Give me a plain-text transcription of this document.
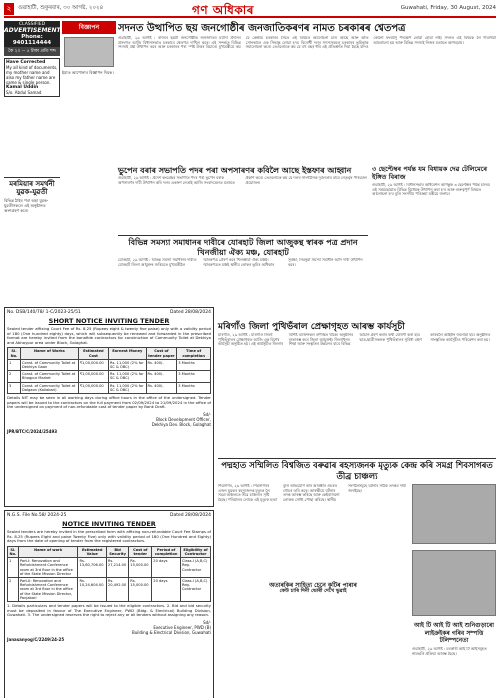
২	গুৱাহাটী, শুকুৰবাৰ, ৩০ আগষ্ট, ২০২৪	গণ অধিকাৰ	Guwahati, Friday, 30 August, 2024
CLASSIFIED
ADVERTISEMENT
Phone: 9401114444
কৈ ২০ -- ৫ টাকা প্ৰতি শব্দ
Have Corrected
My all kind of documents, my mother name and also my father name are same & single person.
Kamal Uddin
S/o. Abdul Samad
বিজ্ঞাপন
ইয়াত আপোনাৰ বিজ্ঞাপন দিয়ক।
মৰমিয়াৰ সমৰ্থনী যুৱক-যুৱতী
বিভিন্ন ঠাইৰ পৰা অহা যুৱক-যুৱতীসকলে এই অনুষ্ঠানত অংশগ্ৰহণ কৰে।
সদনত উত্থাপিত ছয় জনগোষ্ঠীৰ জনজাতিকৰণৰ নামত চৰকাৰৰ শ্বেতপত্ৰ
গুৱাহাটী, ২৯ আগষ্ট : ৰাজ্যৰ ছয়টা জনগোষ্ঠীক জনজাতিৰ মৰ্যাদা প্ৰদানৰ প্ৰসংগত আজি বিধানসভাত চৰকাৰে শ্বেতপত্ৰ দাখিল কৰে। এই সন্দৰ্ভত বিভিন্ন সদস্যই প্ৰশ্ন উত্থাপন কৰে আৰু চৰকাৰৰ পৰা স্পষ্ট উত্তৰ বিচাৰে। মুখ্যমন্ত্ৰীয়ে কয় যে কেন্দ্ৰীয় চৰকাৰৰ সৈতে এই বিষয়ত আলোচনা চলি আছে আৰু অতি সোনকালে এক সিদ্ধান্ত লোৱা হ'ব। বিৰোধী দলৰ সদস্যসকলে চৰকাৰৰ ভূমিকাক সমালোচনা কৰে। তেওঁলোকে কয় যে বহু বছৰ ধৰি এই প্ৰতিশ্ৰুতি দিয়া হৈছে যদিও কোনো ফলপ্ৰসূ পদক্ষেপ লোৱা হোৱা নাই। সদনত এই বিষয়ক লৈ দীঘলীয়া আলোচনা হয় আৰু বিভিন্ন সদস্যই নিজৰ মতামত আগবঢ়ায়।
ভুপেন বৰাৰ সভাপতি পদৰ পৰা অপসাৰণৰ কবিলৈ আছে ইস্তফাৰ আহ্বান
গুৱাহাটী, ২৯ আগষ্ট : প্ৰদেশ কংগ্ৰেছৰ সভাপতি পদৰ পৰা ভুপেন বৰাক অপসাৰণৰ দাবী উত্থাপন কৰি দলৰ একাংশ নেতাই আজি সংবাদমেলত মতামত প্ৰকাশ কৰে। তেওঁলোকে কয় যে দলৰ সাংগঠনিক দুৰ্বলতাৰ বাবে নেতৃত্বৰ পৰিৱৰ্তন প্ৰয়োজন।
৩ ছেপ্টেম্বৰ পৰ্যন্ত যম বিধায়ক দেৱ টেলিমেৰে ইঙ্গিত বিৰাজ
গুৱাহাটী, ২৯ আগষ্ট : বিধানসভাৰ অধিবেশন আগন্তুক ৩ ছেপ্টেম্বৰ পৰ্যন্ত চলিব। এই সময়ছোৱাত বিভিন্ন বিধেয়ক উত্থাপন কৰা হ'ব আৰু গুৰুত্বপূৰ্ণ বিষয়ত আলোচনা হ'ব বুলি সংসদীয় পৰিক্ৰমা মন্ত্ৰীয়ে জনায়।
বিভিন্ন সমস্যা সমাধানৰ দাবীৰে যোৰহাট জিলা আজুকন্থ স্বাৰক পত্ৰ প্ৰদান খিনজীয়া ঐক্য মঞ্চ, যোৰহাট
যোৰহাট, ২৯ আগষ্ট : বিভিন্ন সমস্যা সমাধানৰ দাবীত যোৰহাট জিলা আয়ুক্তৰ জৰিয়তে মুখ্যমন্ত্ৰীলৈ স্মাৰকপত্ৰ প্ৰেৰণ কৰে খিলঞ্জীয়া ঐক্য মঞ্চই। স্মাৰকপত্ৰত মঞ্চই স্থানীয় লোকৰ ভূমিৰ অধিকাৰ সুৰক্ষা, নিবনুৱা সমস্যা সমাধান আদি দাবী উত্থাপন কৰে।
No. DSB/140/78/ 1-C/2023-25/51	Dated 28/08/2024
SHORT NOTICE INVITING TENDER
Sealed tender affixing Court Fee of Rs. 8.25 (Rupees eight & twenty five paise) only with a validity period of 180 (One hundred eighty) days, which will subsequently be renewed and forwarded in the prescribed format are hereby invited from the bonafide contractors for construction of Community Toilet at Dekhiya and Abhoypur area under Block, Golaghat.
Sl. No.	Name of Works	Estimated Cost	Earnest Money	Cost of tender paper	Time of completion
1	Const. of Community Toilet at Dekhiya Gaon	₹1,00,000.00	Rs. 11,000 (2% for SC & OBC)	Rs. 400/-	3 Months
2	Const. of Community Toilet at Bhogpur Market	₹1,00,000.00	Rs. 11,000 (2% for SC & OBC)	Rs. 400/-	3 Months
3	Const. of Community Toilet at Dalgaon (Kaliabari)	₹1,00,000.00	Rs. 11,000 (2% for SC & OBC)	Rs. 400/-	3 Months
Details NIT may be seen in all working days during office hours in the office of the undersigned. Tender papers will be issued to the contractors on the full payment from 02/09/2024 to 21/09/2024 in the office of the undersigned on payment of non-refundable cost of tender paper by Bank Draft.
Sd/-
Block Development Officer,
Dekhiya Dev. Block, Golaghat
JPR/BTC/C/2024/25493
মৰিগাঁও জিলা পুথিভঁৰাল প্ৰেক্ষাগৃহত আৰম্ভ কাৰ্যসূচী
মৰিগাঁও, ২৯ আগষ্ট : মৰিগাঁও জিলা পুথিভঁৰালৰ প্ৰেক্ষাগৃহত আজি এক বিশেষ কাৰ্যসূচী অনুষ্ঠিত হয়। এই কাৰ্যসূচীত জিলাৰ বিশিষ্ট ব্যক্তিসকল উপস্থিত থাকে। অনুষ্ঠানৰ শুভাৰম্ভ কৰে জিলা আয়ুক্তই। জিলাখনৰ শিক্ষা আৰু সংস্কৃতিৰ উন্নয়নৰ বাবে বিভিন্ন আঁচনি গ্ৰহণ কৰাৰ কথা ঘোষণা কৰা হয়। ছাত্ৰ-ছাত্ৰীসকলক পুথিভঁৰালৰ সুবিধা গ্ৰহণ কৰিবলৈ আহ্বান জনোৱা হয়। অনুষ্ঠানত সাংস্কৃতিক কাৰ্যসূচীও পৰিৱেশন কৰা হয়।
N.G.S. File No.58/ 2024-25	Dated 28/08/2024
NOTICE INVITING TENDER
Sealed tenders are hereby invited in the prescribed form with affixing non-refundable Court Fee Stamps of Rs. 8.25 (Rupees Eight and paise Twenty Five) only with validity period of 180 (One Hundred and Eighty) days from the date of opening of tender from the registered contractors.
Sl. No.	Name of work	Estimated Value	Bid Security	Cost of tender	Period of completion	Eligibility of Contractor
1	Part-I: Renovation and Refurbishment Conference room at 3rd floor in the office of the State Mission Director	Rs. 13,60,706.00	Rs. 27,214.00	Rs. 15,000.00	20 days	Class-I (A,B,C) Reg. Contractor
2	Part-II: Renovation and Refurbishment Conference room at 3rd floor in the office of the State Mission Director, Panjabari	Rs. 10,24,604.00	Rs. 20,492.00	Rs. 15,000.00	20 days	Class-I (A,B,C) Reg. Contractor
1. Details particulars and tender papers will be issued to the eligible contractors. 2. Bid and bid security must be deposited in favour of The Executive Engineer, PWD (Bldg. & Electrical) Building Division, Guwahati. 3. The undersigned reserves the right to reject any or all tenders without assigning any reason.
Sd/-
Executive Engineer, PWD (B)
Building & Electrical Division, Guwahati
Janasanyog/C/2249/24-25
পদ্মহাত সম্মিলিত বিশ্বজিত বৰুৱাৰ ৰহস্যজনক মৃত্যুক কেন্দ্ৰ কৰি সমগ্ৰ শিবসাগৰত তীব্ৰ চাঞ্চল্য
শিৱসাগৰ, ২৯ আগষ্ট : শিৱসাগৰৰ এজন যুৱকৰ ৰহস্যজনক মৃত্যুক লৈ সমগ্ৰ অঞ্চলতে তীব্ৰ চাঞ্চল্যৰ সৃষ্টি হৈছে। পৰিয়ালৰ লোকে এই মৃত্যুক হত্যা বুলি অভিযোগ কৰি আৰক্ষীৰ ওচৰত গোচৰ তৰি কৰে। আৰক্ষীয়ে ঘটনাৰ তদন্ত আৰম্ভ কৰিছে আৰু কেইবাজনো লোকক সোধা-পোছা কৰিছে। স্থানীয় সংগঠনসমূহে ঘটনাৰ সঠিক তদন্তৰ দাবী জনাইছে।
অতাৰকিৰ সাহিত্য চেনে কুটিৰ পাৰাৰ
কেউ চাৰি দিনী ভোৰী দেখে ভুৱাই
আই টি আই টি আই শুনিগুড়াৰো লাইক্ৰইকৰ গৰিব সম্পত্তি টলিম্পনেতা
গুৱাহাটী, ২৯ আগষ্ট : চৰকাৰী আই টি আইসমূহত নামভৰ্তি প্ৰক্ৰিয়া আৰম্ভ হৈছে।
